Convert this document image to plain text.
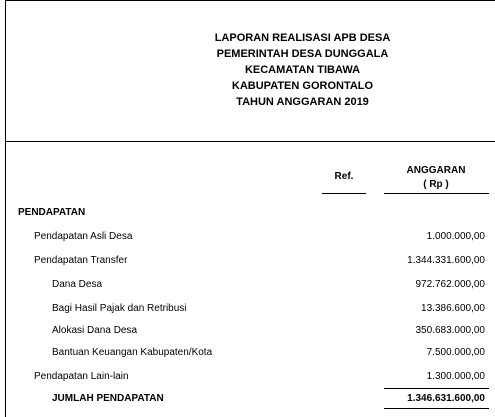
LAPORAN REALISASI APB DESA
PEMERINTAH DESA DUNGGALA
KECAMATAN TIBAWA
KABUPATEN GORONTALO
TAHUN ANGGARAN 2019
Ref.
ANGGARAN
( Rp )
PENDAPATAN
Pendapatan Asli Desa	1.000.000,00
Pendapatan Transfer	1.344.331.600,00
Dana Desa	972.762.000,00
Bagi Hasil Pajak dan Retribusi	13.386.600,00
Alokasi Dana Desa	350.683.000,00
Bantuan Keuangan Kabupaten/Kota	7.500.000,00
Pendapatan Lain-lain	1.300.000,00
JUMLAH PENDAPATAN	1.346.631.600,00
